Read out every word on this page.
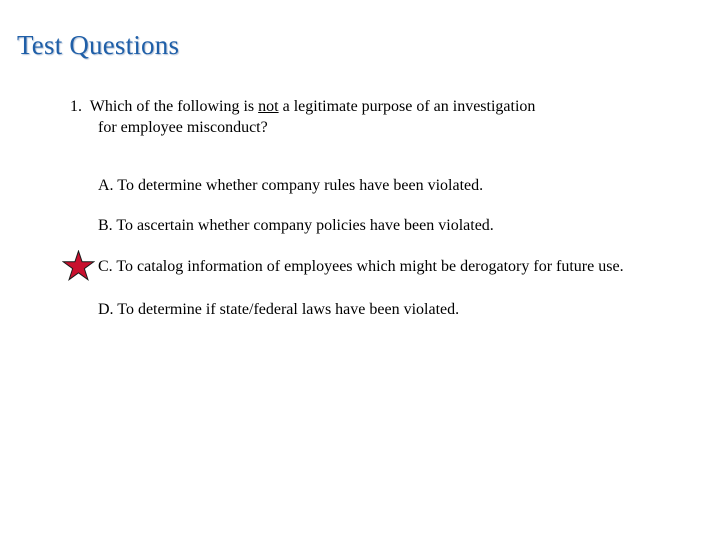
Test Questions
1. Which of the following is not a legitimate purpose of an investigation
for employee misconduct?
A. To determine whether company rules have been violated.
B. To ascertain whether company policies have been violated.
C. To catalog information of employees which might be derogatory for future use.
D. To determine if state/federal laws have been violated.
